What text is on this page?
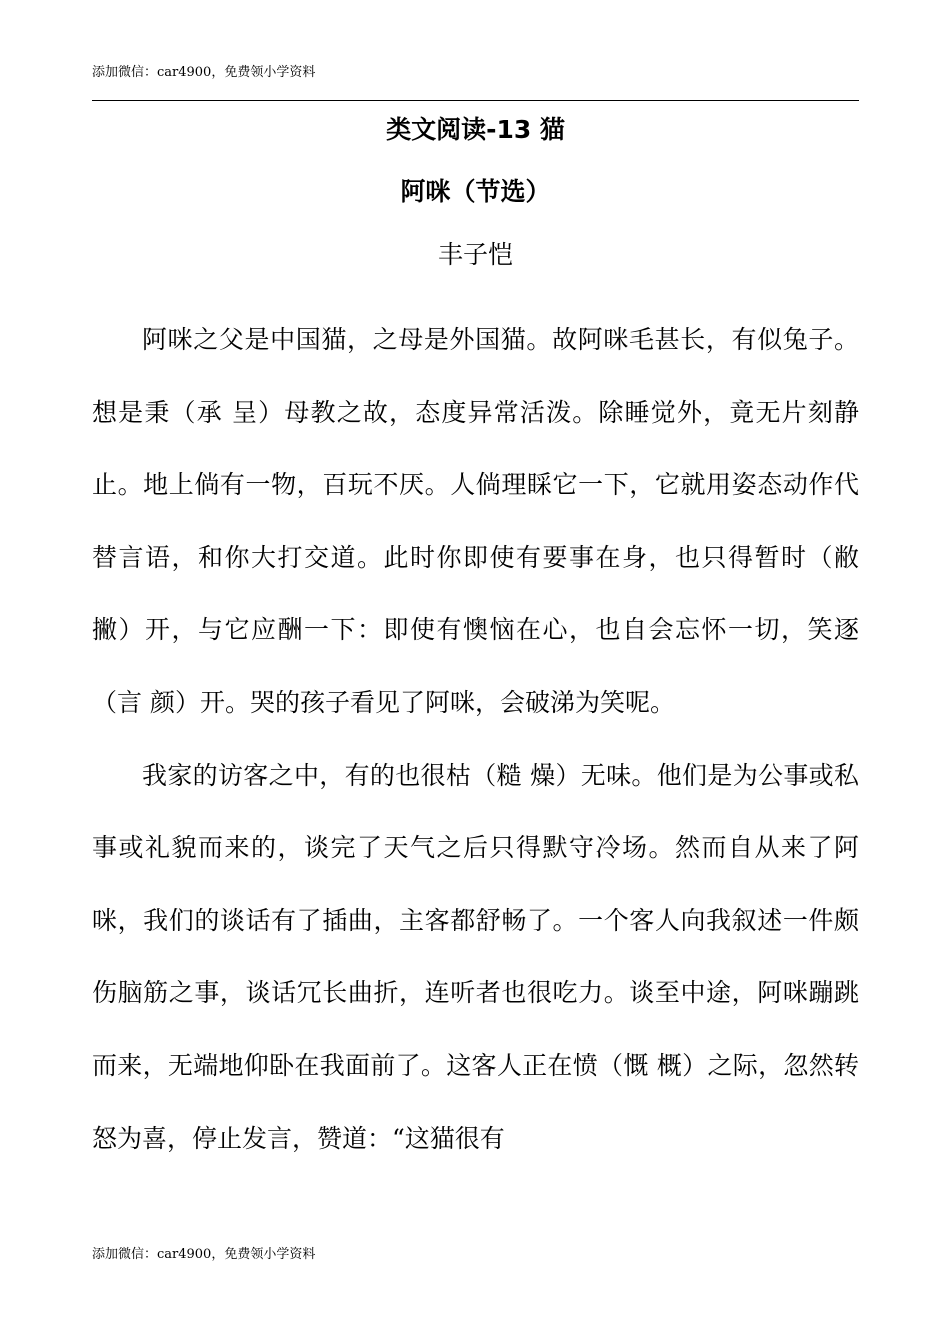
添加微信：car4900，免费领小学资料
类文阅读-13 猫
阿咪（节选）
丰子恺

阿咪之父是中国猫，之母是外国猫。故阿咪毛甚长，有似兔子。想是秉（承 呈）母教之故，态度异常活泼。除睡觉外，竟无片刻静止。地上倘有一物，百玩不厌。人倘理睬它一下，它就用姿态动作代替言语，和你大打交道。此时你即使有要事在身，也只得暂时（敝 撇）开，与它应酬一下：即使有懊恼在心，也自会忘怀一切，笑逐（言 颜）开。哭的孩子看见了阿咪，会破涕为笑呢。

我家的访客之中，有的也很枯（糙 燥）无味。他们是为公事或私事或礼貌而来的，谈完了天气之后只得默守冷场。然而自从来了阿咪，我们的谈话有了插曲，主客都舒畅了。一个客人向我叙述一件颇伤脑筋之事，谈话冗长曲折，连听者也很吃力。谈至中途，阿咪蹦跳而来，无端地仰卧在我面前了。这客人正在愤（慨 概）之际，忽然转怒为喜，停止发言，赞道：“这猫很有

添加微信：car4900，免费领小学资料
